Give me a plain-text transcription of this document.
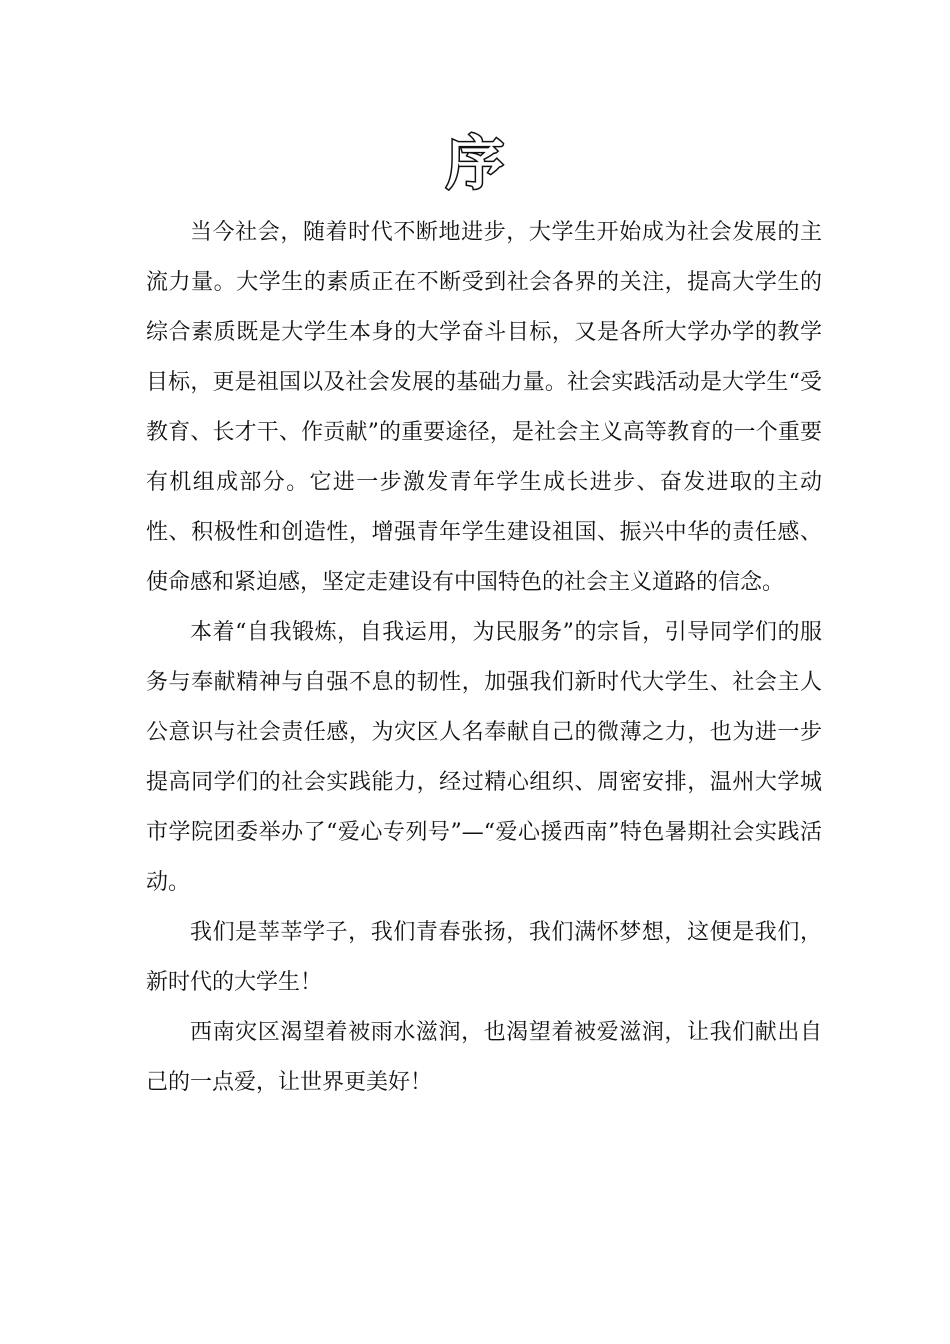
序

当今社会，随着时代不断地进步，大学生开始成为社会发展的主流力量。大学生的素质正在不断受到社会各界的关注，提高大学生的综合素质既是大学生本身的大学奋斗目标，又是各所大学办学的教学目标，更是祖国以及社会发展的基础力量。社会实践活动是大学生“受教育、长才干、作贡献”的重要途径，是社会主义高等教育的一个重要有机组成部分。它进一步激发青年学生成长进步、奋发进取的主动性、积极性和创造性，增强青年学生建设祖国、振兴中华的责任感、使命感和紧迫感，坚定走建设有中国特色的社会主义道路的信念。

本着“自我锻炼，自我运用，为民服务”的宗旨，引导同学们的服务与奉献精神与自强不息的韧性，加强我们新时代大学生、社会主人公意识与社会责任感，为灾区人名奉献自己的微薄之力，也为进一步提高同学们的社会实践能力，经过精心组织、周密安排，温州大学城市学院团委举办了“爱心专列号”—“爱心援西南”特色暑期社会实践活动。

我们是莘莘学子，我们青春张扬，我们满怀梦想，这便是我们，新时代的大学生！

西南灾区渴望着被雨水滋润，也渴望着被爱滋润，让我们献出自己的一点爱，让世界更美好！
